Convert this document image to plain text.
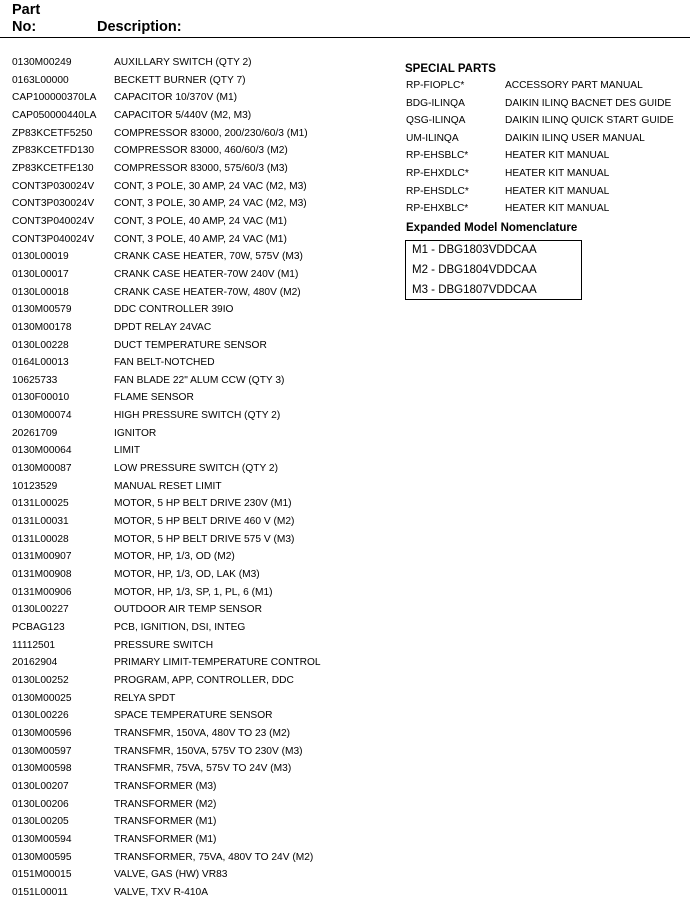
Part
No:	Description:
0130M00249	AUXILLARY SWITCH (QTY 2)
0163L00000	BECKETT BURNER (QTY 7)
CAP100000370LA CAPACITOR 10/370V (M1)
CAP050000440LA CAPACITOR 5/440V (M2, M3)
ZP83KCETF5250 COMPRESSOR 83000, 200/230/60/3 (M1)
ZP83KCETFD130 COMPRESSOR 83000, 460/60/3 (M2)
ZP83KCETFE130 COMPRESSOR 83000, 575/60/3 (M3)
CONT3P030024V CONT, 3 POLE, 30 AMP, 24 VAC (M2, M3)
CONT3P030024V CONT, 3 POLE, 30 AMP, 24 VAC (M2, M3)
CONT3P040024V CONT, 3 POLE, 40 AMP, 24 VAC (M1)
CONT3P040024V CONT, 3 POLE, 40 AMP, 24 VAC (M1)
0130L00019	CRANK CASE HEATER, 70W, 575V (M3)
0130L00017	CRANK CASE HEATER-70W 240V (M1)
0130L00018	CRANK CASE HEATER-70W, 480V (M2)
0130M00579	DDC CONTROLLER 39IO
0130M00178	DPDT RELAY 24VAC
0130L00228	DUCT TEMPERATURE SENSOR
0164L00013	FAN BELT-NOTCHED
10625733	FAN BLADE 22" ALUM CCW (QTY 3)
0130F00010	FLAME SENSOR
0130M00074	HIGH PRESSURE SWITCH (QTY 2)
20261709	IGNITOR
0130M00064	LIMIT
0130M00087	LOW PRESSURE SWITCH (QTY 2)
10123529	MANUAL RESET LIMIT
0131L00025	MOTOR, 5 HP BELT DRIVE 230V (M1)
0131L00031	MOTOR, 5 HP BELT DRIVE 460 V (M2)
0131L00028	MOTOR, 5 HP BELT DRIVE 575 V (M3)
0131M00907	MOTOR, HP, 1/3, OD (M2)
0131M00908	MOTOR, HP, 1/3, OD, LAK (M3)
0131M00906	MOTOR, HP, 1/3, SP, 1, PL, 6 (M1)
0130L00227	OUTDOOR AIR TEMP SENSOR
PCBAG123	PCB, IGNITION, DSI, INTEG
11112501	PRESSURE SWITCH
20162904	PRIMARY LIMIT-TEMPERATURE CONTROL
0130L00252	PROGRAM, APP, CONTROLLER, DDC
0130M00025	RELYA SPDT
0130L00226	SPACE TEMPERATURE SENSOR
0130M00596	TRANSFMR, 150VA, 480V TO 23 (M2)
0130M00597	TRANSFMR, 150VA, 575V TO 230V (M3)
0130M00598	TRANSFMR, 75VA, 575V TO 24V (M3)
0130L00207	TRANSFORMER (M3)
0130L00206	TRANSFORMER (M2)
0130L00205	TRANSFORMER (M1)
0130M00594	TRANSFORMER (M1)
0130M00595	TRANSFORMER, 75VA, 480V TO 24V (M2)
0151M00015	VALVE, GAS (HW) VR83
0151L00011	VALVE, TXV R-410A
SPECIAL PARTS
RP-FIOPLC*	ACCESSORY PART MANUAL
BDG-ILINQA	DAIKIN ILINQ BACNET DES GUIDE
QSG-ILINQA	DAIKIN ILINQ QUICK START GUIDE
UM-ILINQA	DAIKIN ILINQ USER MANUAL
RP-EHSBLC*	HEATER KIT MANUAL
RP-EHXDLC*	HEATER KIT MANUAL
RP-EHSDLC*	HEATER KIT MANUAL
RP-EHXBLC*	HEATER KIT MANUAL
Expanded Model Nomenclature
M1 - DBG1803VDDCAA
M2 - DBG1804VDDCAA
M3 - DBG1807VDDCAA
